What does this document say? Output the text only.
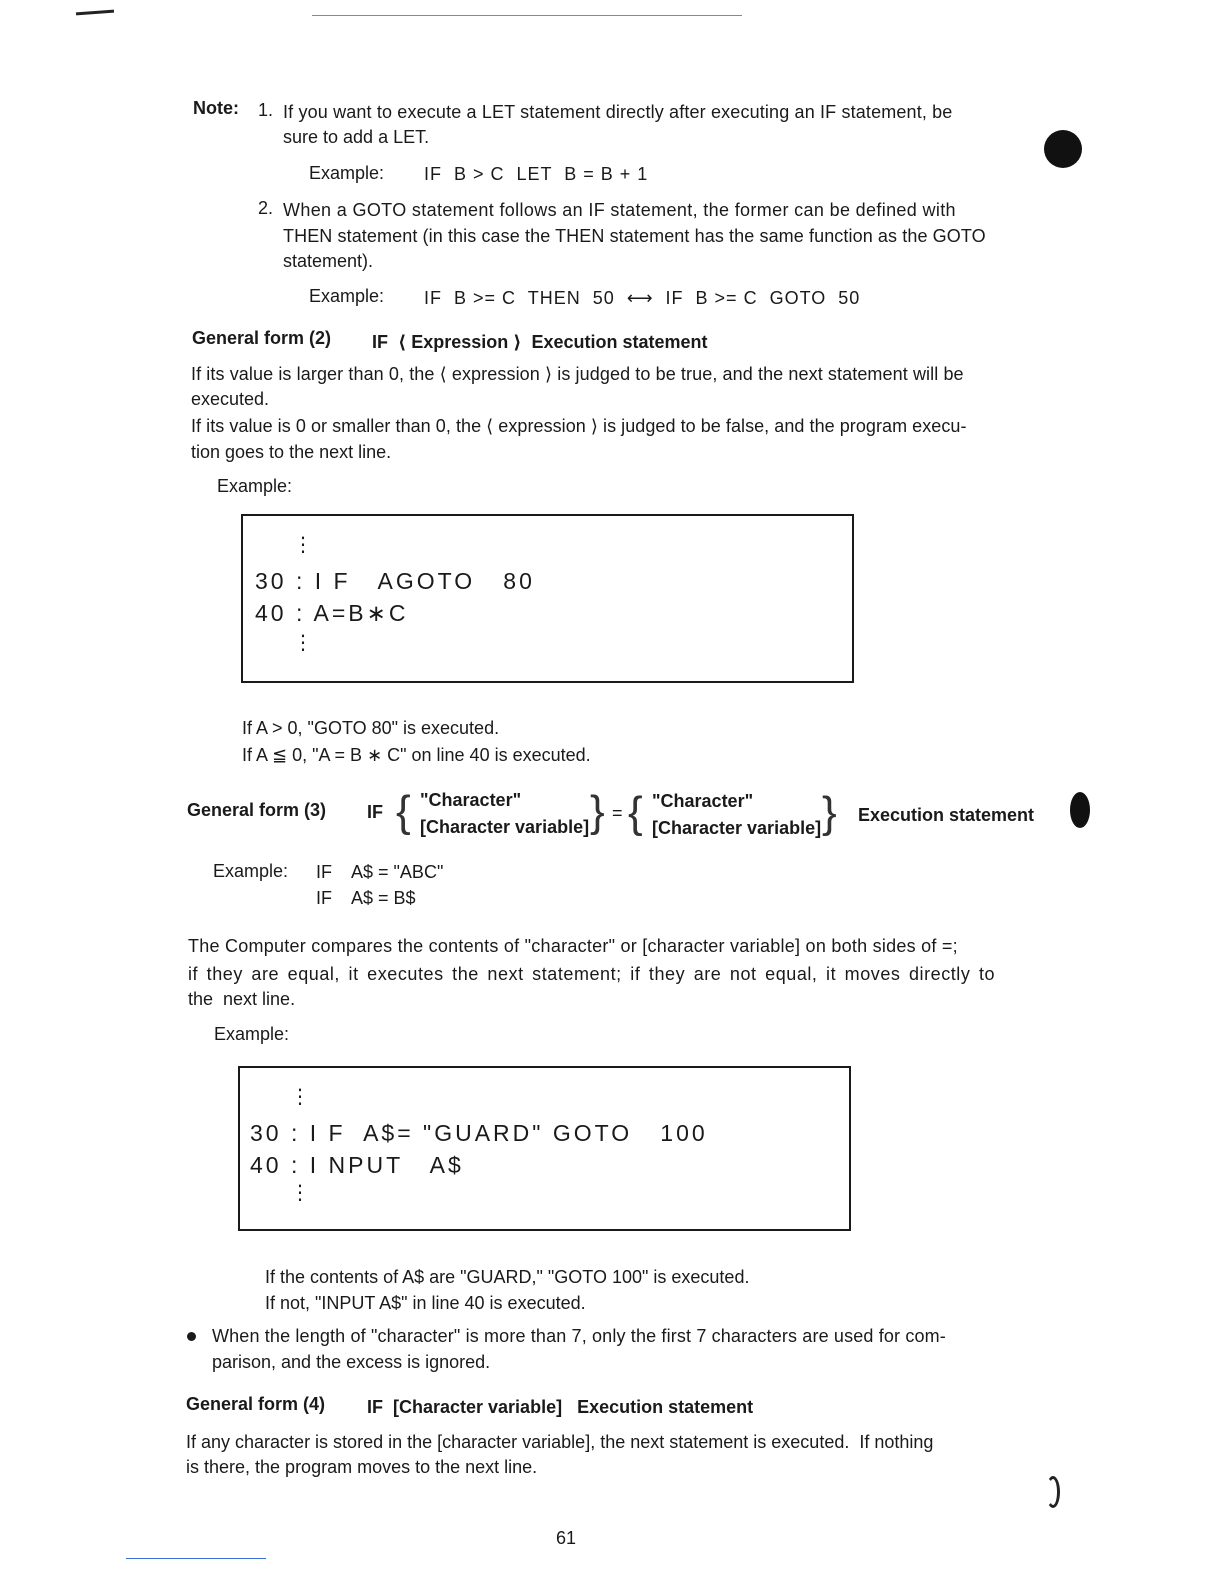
Note: 1. If you want to execute a LET statement directly after executing an IF statement, be
sure to add a LET.
Example: IF  B > C  LET  B = B + 1
2. When a GOTO statement follows an IF statement, the former can be defined with
THEN statement (in this case the THEN statement has the same function as the GOTO
statement).
Example: IF  B >= C  THEN  50  ⟷  IF  B >= C  GOTO  50
General form (2) IF  ⟨ Expression ⟩  Execution statement
If its value is larger than 0, the ⟨ expression ⟩ is judged to be true, and the next statement will be
executed.
If its value is 0 or smaller than 0, the ⟨ expression ⟩ is judged to be false, and the program execu-
tion goes to the next line.
Example:
⋮
30 : I F   AGOTO   80
40 : A=B∗C
⋮
If A > 0, "GOTO 80" is executed.
If A ≦ 0, "A = B ∗ C" on line 40 is executed.
General form (3) IF { "Character"
[Character variable] } = { "Character"
[Character variable] } Execution statement
Example: IF    A$ = "ABC"
IF    A$ = B$
The Computer compares the contents of "character" or [character variable] on both sides of =;
if they are equal, it executes the next statement; if they are not equal, it moves directly to
the  next line.
Example:
⋮
30 : I F  A$= "GUARD" GOTO   100
40 : I NPUT   A$
⋮
If the contents of A$ are "GUARD," "GOTO 100" is executed.
If not, "INPUT A$" in line 40 is executed.
When the length of "character" is more than 7, only the first 7 characters are used for com-
parison, and the excess is ignored.
General form (4) IF  [Character variable]   Execution statement
If any character is stored in the [character variable], the next statement is executed.  If nothing
is there, the program moves to the next line.
61
